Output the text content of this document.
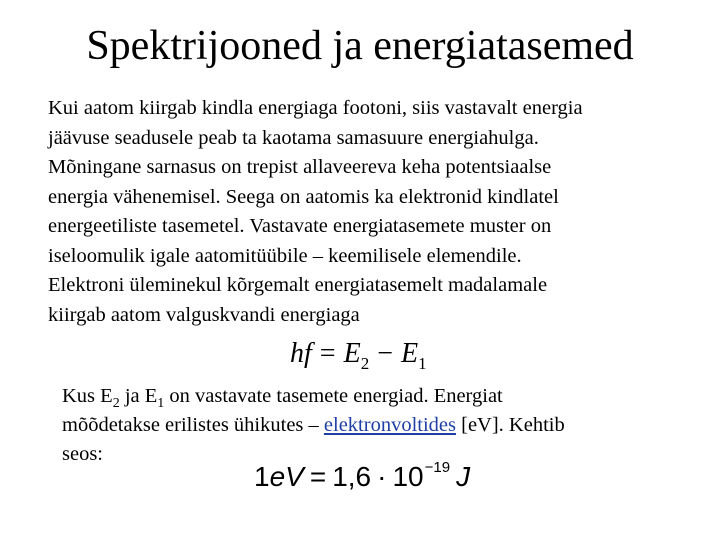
Spektrijooned ja energiatasemed
Kui aatom kiirgab kindla energiaga footoni, siis vastavalt energia
jäävuse seadusele peab ta kaotama samasuure energiahulga.
Mõningane sarnasus on trepist allaveereva keha potentsiaalse
energia vähenemisel. Seega on aatomis ka elektronid kindlatel
energeetiliste tasemetel. Vastavate energiatasemete muster on
iseloomulik igale aatomitüübile – keemilisele elemendile.
Elektroni üleminekul kõrgemalt energiatasemelt madalamale
kiirgab aatom valguskvandi energiaga
hf = $E_2 - E_1$
Kus $E_2$ ja $E_1$ on vastavate tasemete energiad. Energiat
mõõdetakse erilistes ühikutes – elektronvoltides [eV]. Kehtib
seos:
$1eV = 1,6 \cdot 10^{-19}$ J
